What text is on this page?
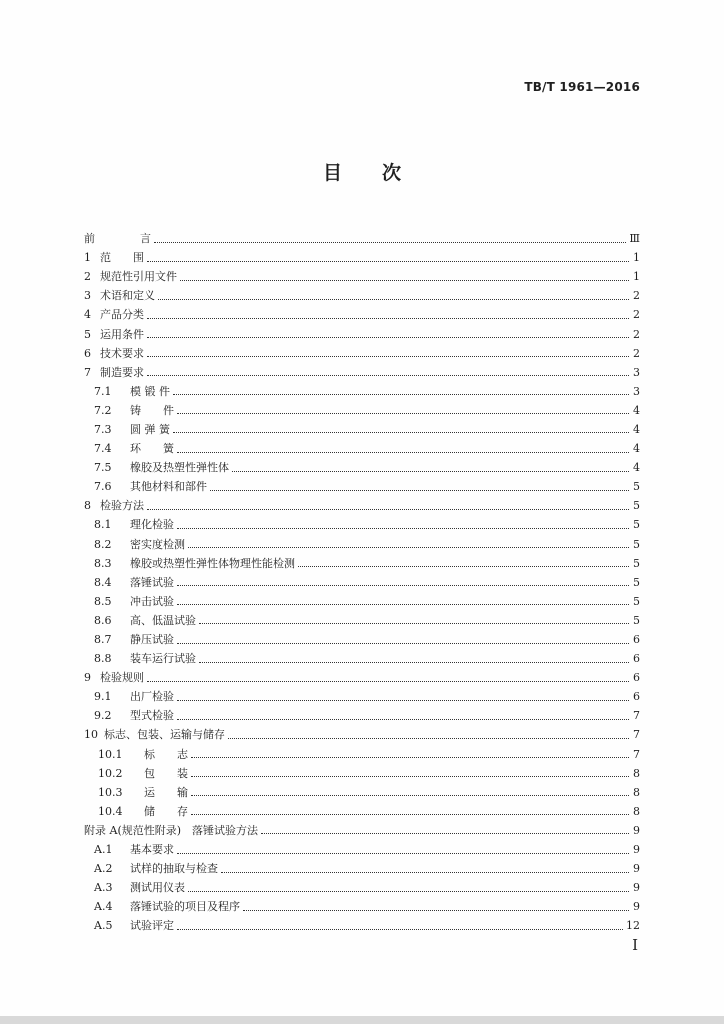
TB/T 1961—2016
目 次
前	言	Ⅲ
1 范　　围	1
2 规范性引用文件	1
3 术语和定义	2
4 产品分类	2
5 运用条件	2
6 技术要求	2
7 制造要求	3
7.1	模 锻 件	3
7.2	铸　　件	4
7.3	圆 弹 簧	4
7.4	环　　簧	4
7.5	橡胶及热塑性弹性体	4
7.6	其他材料和部件	5
8 检验方法	5
8.1	理化检验	5
8.2	密实度检测	5
8.3	橡胶或热塑性弹性体物理性能检测	5
8.4	落锤试验	5
8.5	冲击试验	5
8.6	高、低温试验	5
8.7	静压试验	6
8.8	装车运行试验	6
9 检验规则	6
9.1	出厂检验	6
9.2	型式检验	7
10 标志、包装、运输与储存	7
10.1	标　　志	7
10.2	包　　装	8
10.3	运　　输	8
10.4	储　　存	8
附录 A (规范性附录)　落锤试验方法	9
A.1	基本要求	9
A.2	试样的抽取与检查	9
A.3	测试用仪表	9
A.4	落锤试验的项目及程序	9
A.5	试验评定	12
I
